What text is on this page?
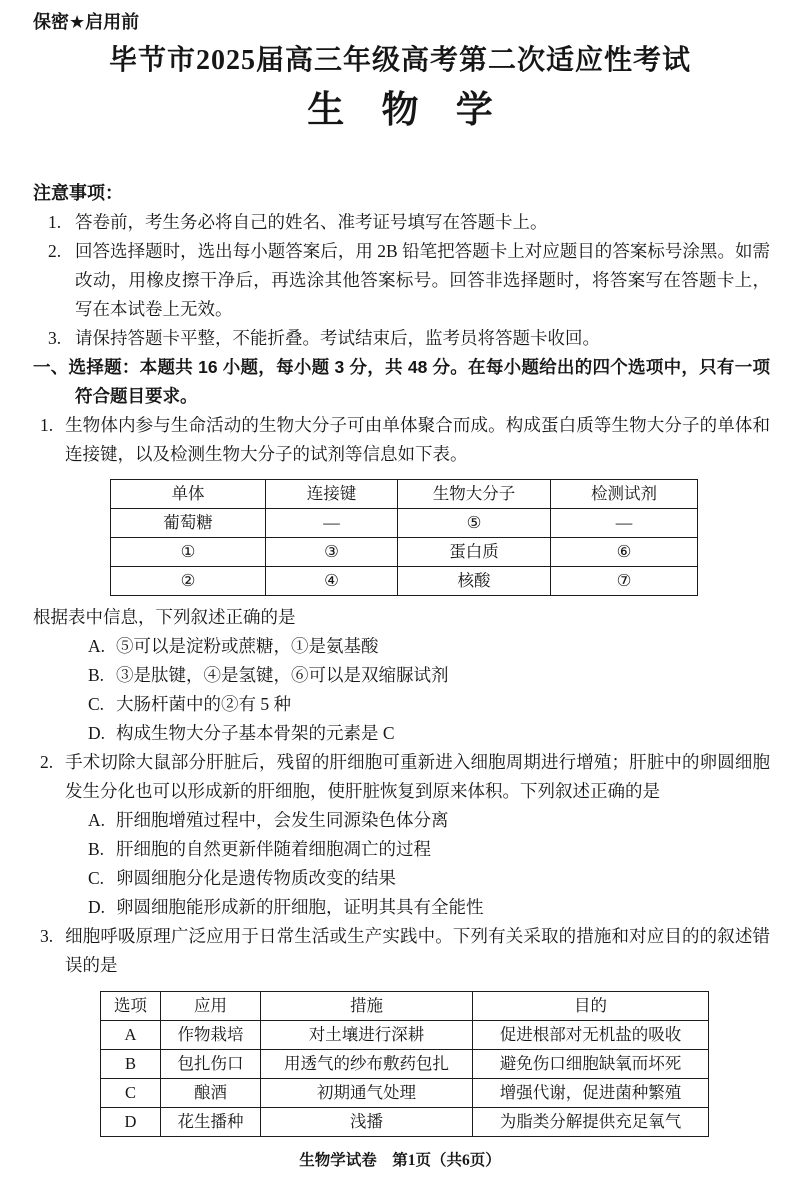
保密★启用前
毕节市2025届高三年级高考第二次适应性考试
生 物 学
注意事项：
1. 答卷前，考生务必将自己的姓名、准考证号填写在答题卡上。
2. 回答选择题时，选出每小题答案后，用 2B 铅笔把答题卡上对应题目的答案标号涂黑。如需改动，用橡皮擦干净后，再选涂其他答案标号。回答非选择题时，将答案写在答题卡上，写在本试卷上无效。
3. 请保持答题卡平整，不能折叠。考试结束后，监考员将答题卡收回。
一、选择题：本题共 16 小题，每小题 3 分，共 48 分。在每小题给出的四个选项中，只有一项符合题目要求。
1. 生物体内参与生命活动的生物大分子可由单体聚合而成。构成蛋白质等生物大分子的单体和连接键，以及检测生物大分子的试剂等信息如下表。
单体	连接键	生物大分子	检测试剂
葡萄糖	—	⑤	—
①	③	蛋白质	⑥
②	④	核酸	⑦
根据表中信息，下列叙述正确的是
A. ⑤可以是淀粉或蔗糖，①是氨基酸
B. ③是肽键，④是氢键，⑥可以是双缩脲试剂
C. 大肠杆菌中的②有 5 种
D. 构成生物大分子基本骨架的元素是 C
2. 手术切除大鼠部分肝脏后，残留的肝细胞可重新进入细胞周期进行增殖；肝脏中的卵圆细胞发生分化也可以形成新的肝细胞，使肝脏恢复到原来体积。下列叙述正确的是
A. 肝细胞增殖过程中，会发生同源染色体分离
B. 肝细胞的自然更新伴随着细胞凋亡的过程
C. 卵圆细胞分化是遗传物质改变的结果
D. 卵圆细胞能形成新的肝细胞，证明其具有全能性
3. 细胞呼吸原理广泛应用于日常生活或生产实践中。下列有关采取的措施和对应目的的叙述错误的是
选项	应用	措施	目的
A	作物栽培	对土壤进行深耕	促进根部对无机盐的吸收
B	包扎伤口	用透气的纱布敷药包扎	避免伤口细胞缺氧而坏死
C	酿酒	初期通气处理	增强代谢，促进菌种繁殖
D	花生播种	浅播	为脂类分解提供充足氧气
生物学试卷　第1页（共6页）
